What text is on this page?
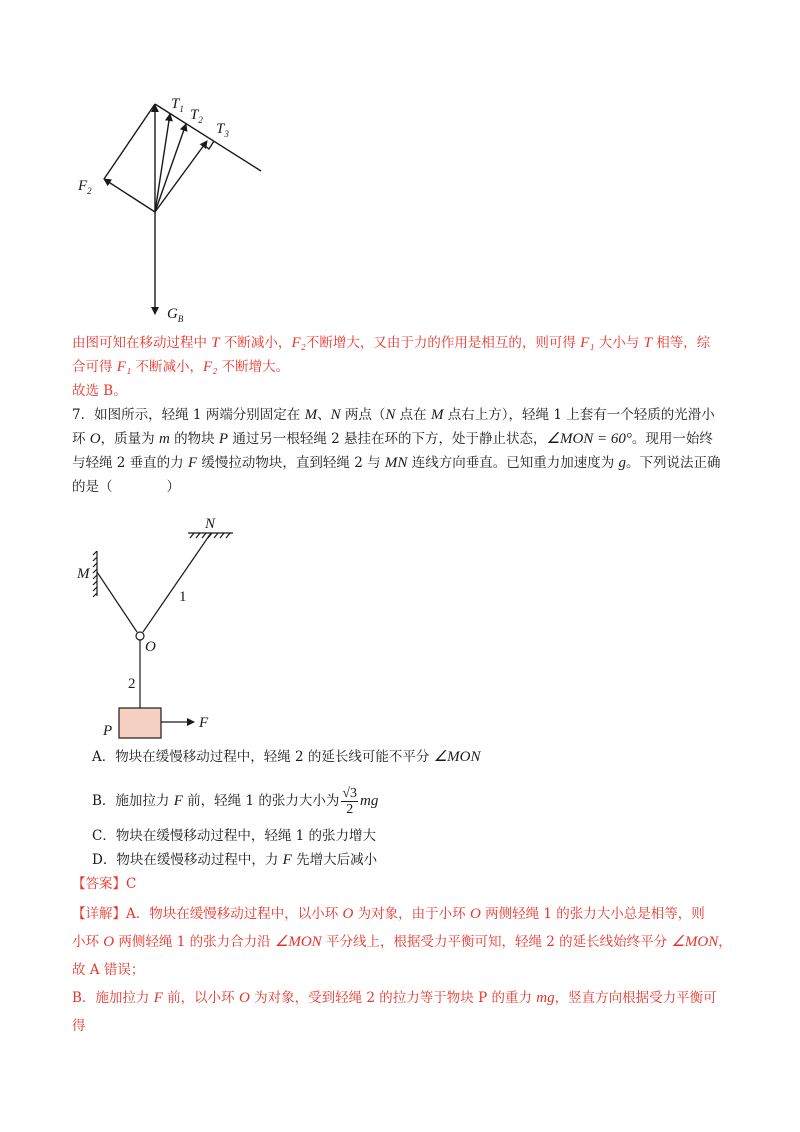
$T_1$ $T_2$
$T_3$
$F_2$
$G_B$
M
N
1
O
2
P	F
由图可知在移动过程中 T 不断减小，F₂不断增大，又由于力的作用是相互的，则可得 F₁ 大小与 T 相等，综
合可得 F₁ 不断减小，F₂ 不断增大。
故选 B。
7．如图所示，轻绳 1 两端分别固定在 M、N 两点（N 点在 M 点右上方），轻绳 1 上套有一个轻质的光滑小
环 O，质量为 m 的物块 P 通过另一根轻绳 2 悬挂在环的下方，处于静止状态，∠MON = 60°。现用一始终
与轻绳 2 垂直的力 F 缓慢拉动物块，直到轻绳 2 与 MN 连线方向垂直。已知重力加速度为 g。下列说法正确
的是（　　　　）
A．物块在缓慢移动过程中，轻绳 2 的延长线可能不平分 ∠MON
B．施加拉力 F 前，轻绳 1 的张力大小为 $\frac{√3}{2}$ mg
C．物块在缓慢移动过程中，轻绳 1 的张力增大
D．物块在缓慢移动过程中，力 F 先增大后减小
【答案】C
【详解】A．物块在缓慢移动过程中，以小环 O 为对象，由于小环 O 两侧轻绳 1 的张力大小总是相等，则
小环 O 两侧轻绳 1 的张力合力沿 ∠MON 平分线上，根据受力平衡可知，轻绳 2 的延长线始终平分 ∠MON，
故 A 错误；
B．施加拉力 F 前，以小环 O 为对象，受到轻绳 2 的拉力等于物块 P 的重力 mg，竖直方向根据受力平衡可
得
